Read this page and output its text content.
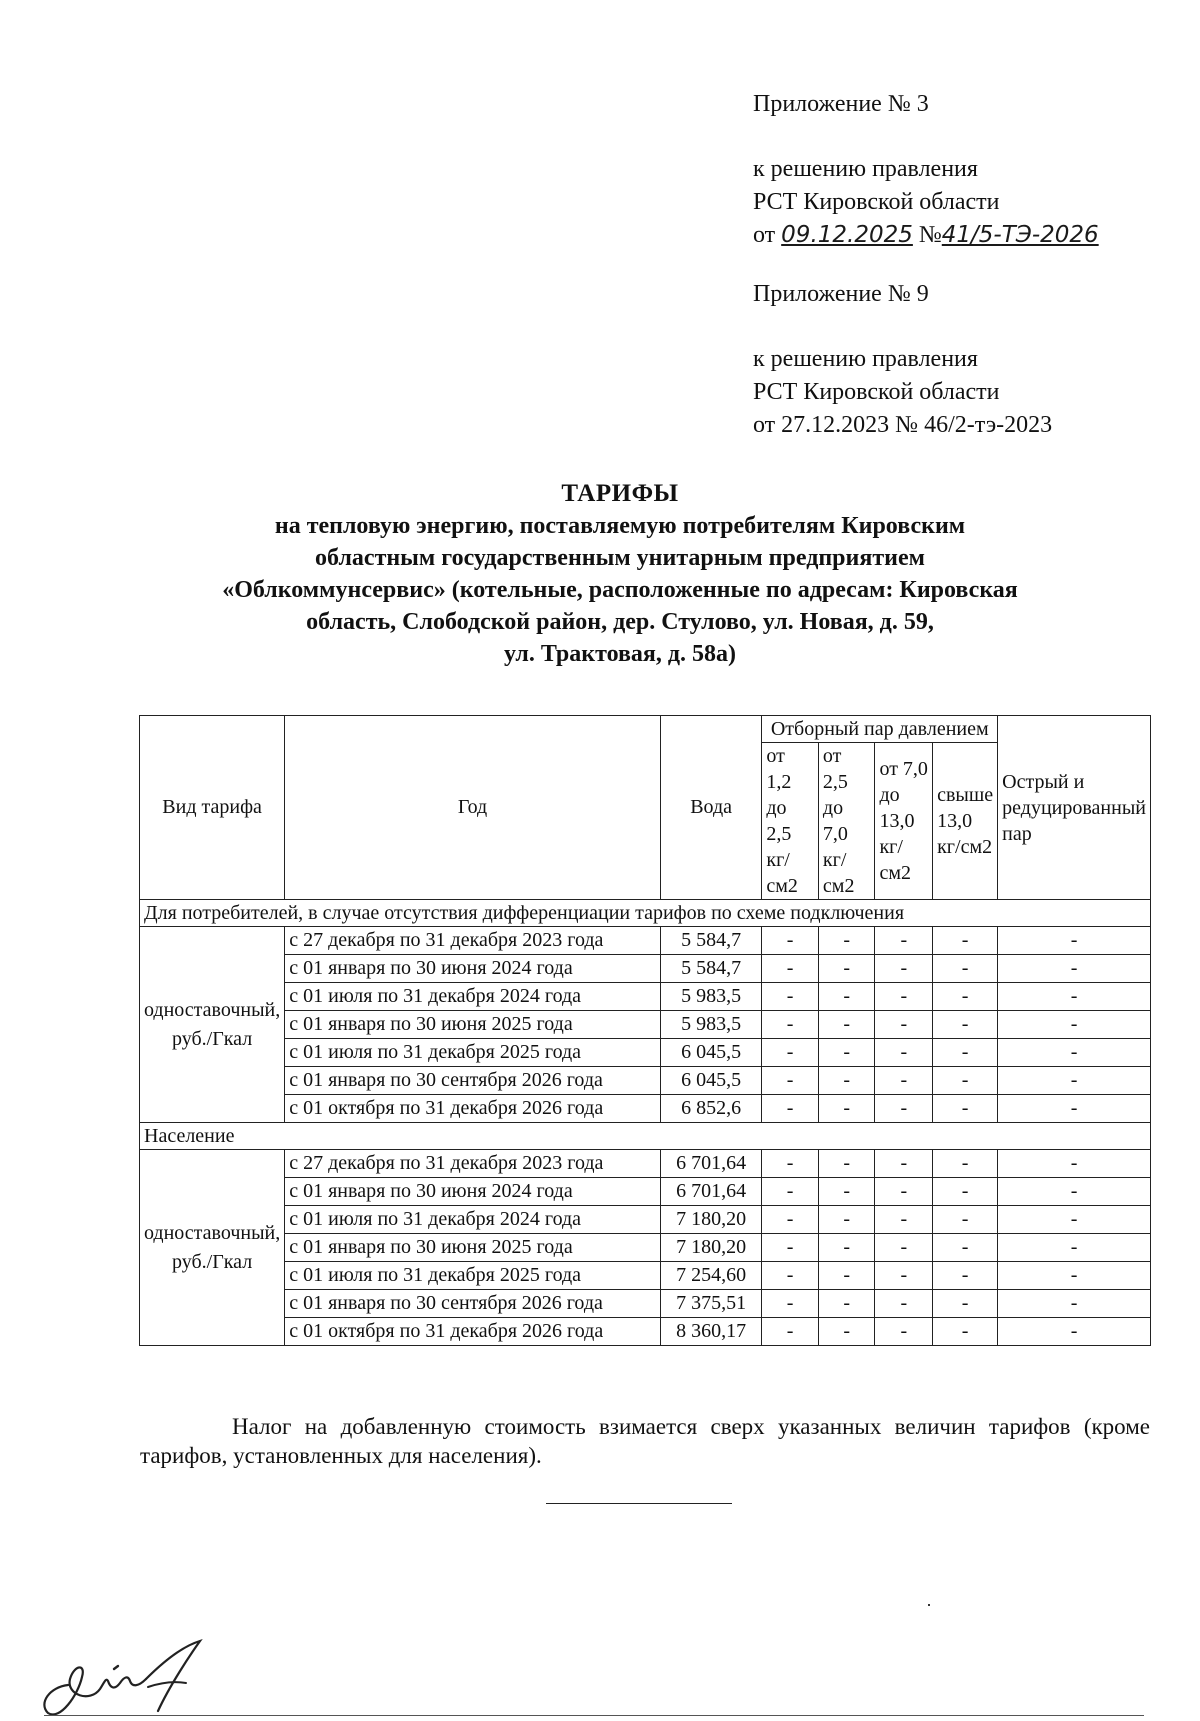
Приложение № 3
к решению правления
РСТ Кировской области
от 09.12.2025 №41/5-ТЭ-2026
Приложение № 9
к решению правления
РСТ Кировской области
от 27.12.2023 № 46/2-тэ-2023
ТАРИФЫ
на тепловую энергию, поставляемую потребителям Кировским
областным государственным унитарным предприятием
«Облкоммунсервис» (котельные, расположенные по адресам: Кировская
область, Слободской район, дер. Стулово, ул. Новая, д. 59,
ул. Трактовая, д. 58а)
Вид тарифа	Год	Вода	Отборный пар давлением				Острый и редуцированный пар
			от 1,2 до 2,5 кг/см2	от 2,5 до 7,0 кг/см2	от 7,0 до 13,0 кг/см2	свыше 13,0 кг/см2	
Для потребителей, в случае отсутствия дифференциации тарифов по схеме подключения							
одноставочный, руб./Гкал	с 27 декабря по 31 декабря 2023 года	5 584,7	-	-	-	-	-
	с 01 января по 30 июня 2024 года	5 584,7	-	-	-	-	-
	с 01 июля по 31 декабря 2024 года	5 983,5	-	-	-	-	-
	с 01 января по 30 июня 2025 года	5 983,5	-	-	-	-	-
	с 01 июля по 31 декабря 2025 года	6 045,5	-	-	-	-	-
	с 01 января по 30 сентября 2026 года	6 045,5	-	-	-	-	-
	с 01 октября по 31 декабря 2026 года	6 852,6	-	-	-	-	-
Население							
одноставочный, руб./Гкал	с 27 декабря по 31 декабря 2023 года	6 701,64	-	-	-	-	-
	с 01 января по 30 июня 2024 года	6 701,64	-	-	-	-	-
	с 01 июля по 31 декабря 2024 года	7 180,20	-	-	-	-	-
	с 01 января по 30 июня 2025 года	7 180,20	-	-	-	-	-
	с 01 июля по 31 декабря 2025 года	7 254,60	-	-	-	-	-
	с 01 января по 30 сентября 2026 года	7 375,51	-	-	-	-	-
	с 01 октября по 31 декабря 2026 года	8 360,17	-	-	-	-	-
Налог на добавленную стоимость взимается сверх указанных величин тарифов (кроме тарифов, установленных для населения).
